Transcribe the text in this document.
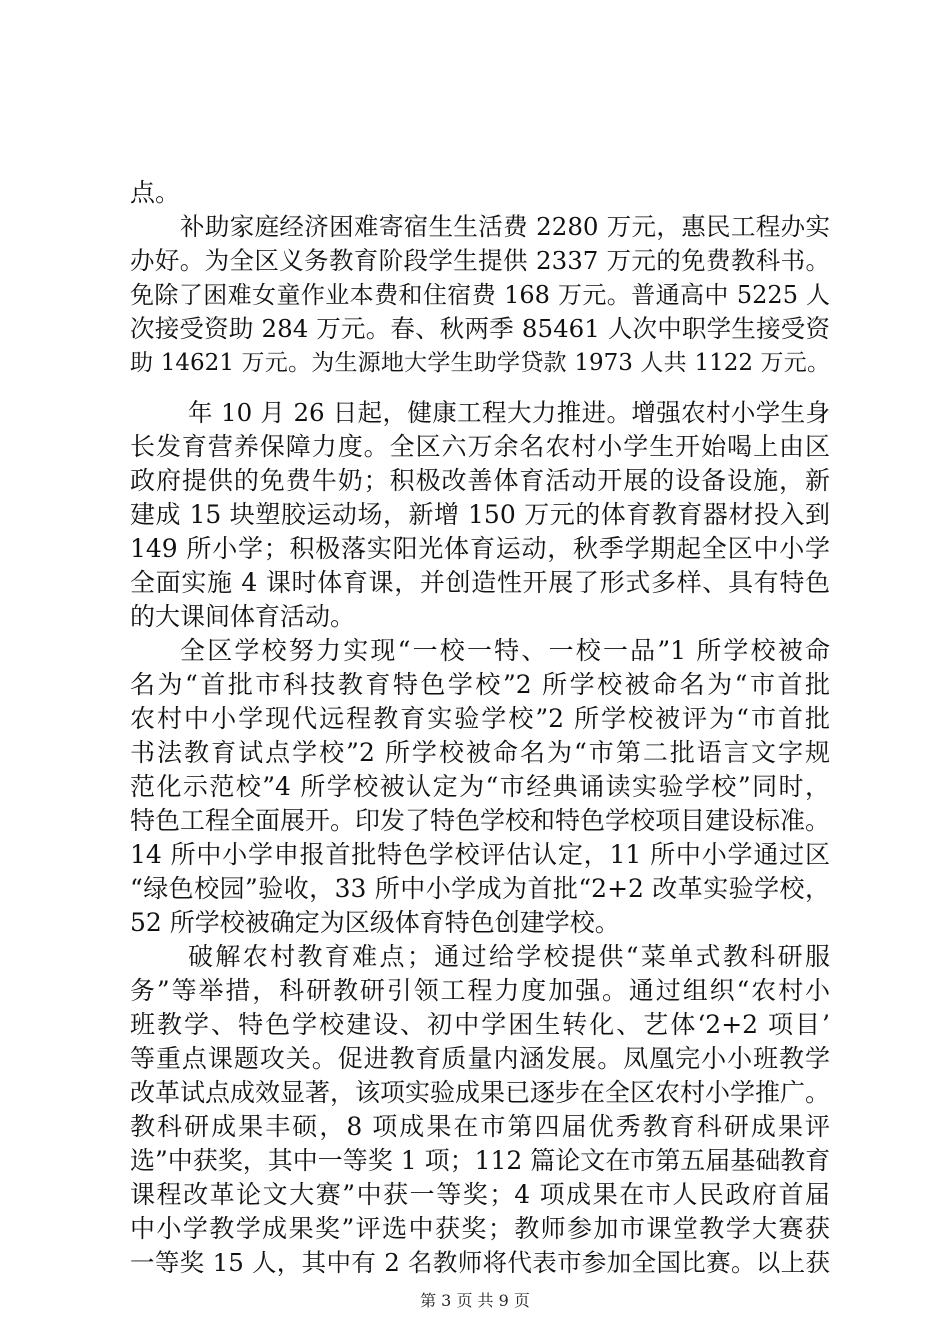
点。
补助家庭经济困难寄宿生生活费 2280 万元，惠民工程办实
办好。为全区义务教育阶段学生提供 2337 万元的免费教科书。
免除了困难女童作业本费和住宿费 168 万元。普通高中 5225 人
次接受资助 284 万元。春、秋两季 85461 人次中职学生接受资
助 14621 万元。为生源地大学生助学贷款 1973 人共 1122 万元。
年 10 月 26 日起，健康工程大力推进。增强农村小学生身
长发育营养保障力度。全区六万余名农村小学生开始喝上由区
政府提供的免费牛奶；积极改善体育活动开展的设备设施，新
建成 15 块塑胶运动场，新增 150 万元的体育教育器材投入到
149 所小学；积极落实阳光体育运动，秋季学期起全区中小学
全面实施 4 课时体育课，并创造性开展了形式多样、具有特色
的大课间体育活动。
全区学校努力实现“一校一特、一校一品”1 所学校被命
名为“首批市科技教育特色学校”2 所学校被命名为“市首批
农村中小学现代远程教育实验学校”2 所学校被评为“市首批
书法教育试点学校”2 所学校被命名为“市第二批语言文字规
范化示范校”4 所学校被认定为“市经典诵读实验学校”同时，
特色工程全面展开。印发了特色学校和特色学校项目建设标准。
14 所中小学申报首批特色学校评估认定，11 所中小学通过区
“绿色校园”验收，33 所中小学成为首批“2+2 改革实验学校，
52 所学校被确定为区级体育特色创建学校。
破解农村教育难点；通过给学校提供“菜单式教科研服
务”等举措，科研教研引领工程力度加强。通过组织“农村小
班教学、特色学校建设、初中学困生转化、艺体‘2+2 项目’
等重点课题攻关。促进教育质量内涵发展。凤凰完小小班教学
改革试点成效显著，该项实验成果已逐步在全区农村小学推广。
教科研成果丰硕，8 项成果在市第四届优秀教育科研成果评
选”中获奖，其中一等奖 1 项；112 篇论文在市第五届基础教育
课程改革论文大赛”中获一等奖；4 项成果在市人民政府首届
中小学教学成果奖”评选中获奖；教师参加市课堂教学大赛获
一等奖 15 人，其中有 2 名教师将代表市参加全国比赛。以上获
第 3 页 共 9 页
